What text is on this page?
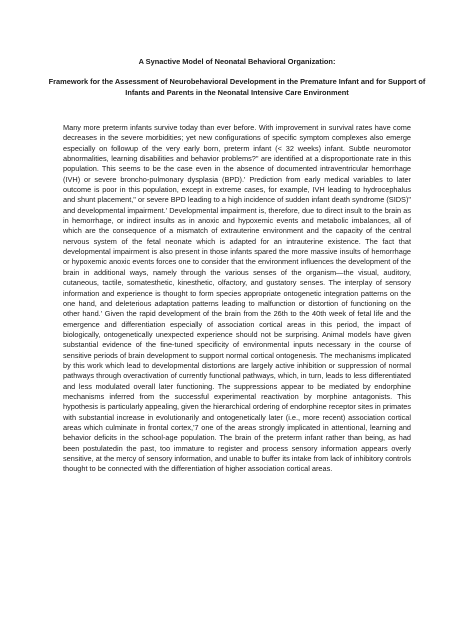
A Synactive Model of Neonatal Behavioral Organization:

Framework for the Assessment of Neurobehavioral Development in the Premature Infant and for Support of Infants and Parents in the Neonatal Intensive Care Environment

Many more preterm infants survive today than ever before. With improvement in survival rates have come decreases in the severe morbidities; yet new configurations of specific symptom complexes also emerge especially on followup of the very early born, preterm infant (< 32 weeks) infant. Subtle neuromotor abnormalities, learning disabilities and behavior problems?" are identified at a disproportionate rate in this population. This seems to be the case even in the absence of documented intraventricular hemorrhage (IVH) or severe broncho-pulmonary dysplasia (BPD).' Prediction from early medical variables to later outcome is poor in this population, except in extreme cases, for example, IVH leading to hydrocephalus and shunt placement," or severe BPD leading to a high incidence of sudden infant death syndrome (SIDS)" and developmental impairment.' Developmental impairment is, therefore, due to direct insult to the brain as in hemorrhage, or indirect insults as in anoxic and hypoxemic events and metabolic imbalances, all of which are the consequence of a mismatch of extrauterine environment and the capacity of the central nervous system of the fetal neonate which is adapted for an intrauterine existence. The fact that developmental impairment is also present in those infants spared the more massive insults of hemorrhage or hypoxemic anoxic events forces one to consider that the environment influences the development of the brain in additional ways, namely through the various senses of the organism—the visual, auditory, cutaneous, tactile, somatesthetic, kinesthetic, olfactory, and gustatory senses. The interplay of sensory information and experience is thought to form species appropriate ontogenetic integration patterns on the one hand, and deleterious adaptation patterns leading to malfunction or distortion of functioning on the other hand.' Given the rapid development of the brain from the 26th to the 40th week of fetal life and the emergence and differentiation especially of association cortical areas in this period, the impact of biologically, ontogenetically unexpected experience should not be surprising. Animal models have given substantial evidence of the fine-tuned specificity of environmental inputs necessary in the course of sensitive periods of brain development to support normal cortical ontogenesis. The mechanisms implicated by this work which lead to developmental distortions are largely active inhibition or suppression of normal pathways through overactivation of currently functional pathways, which, in turn, leads to less differentiated and less modulated overall later functioning. The suppressions appear to be mediated by endorphine mechanisms inferred from the successful experimental reactivation by morphine antagonists. This hypothesis is particularly appealing, given the hierarchical ordering of endorphine receptor sites in primates with substantial increase in evolutionarily and ontogenetically later (i.e., more recent) association cortical areas which culminate in frontal cortex,'7 one of the areas strongly implicated in attentional, learning and behavior deficits in the school-age population. The brain of the preterm infant rather than being, as had been postulatedin the past, too immature to register and process sensory information appears overly sensitive, at the mercy of sensory information, and unable to buffer its intake from lack of inhibitory controls thought to be connected with the differentiation of higher association cortical areas.
